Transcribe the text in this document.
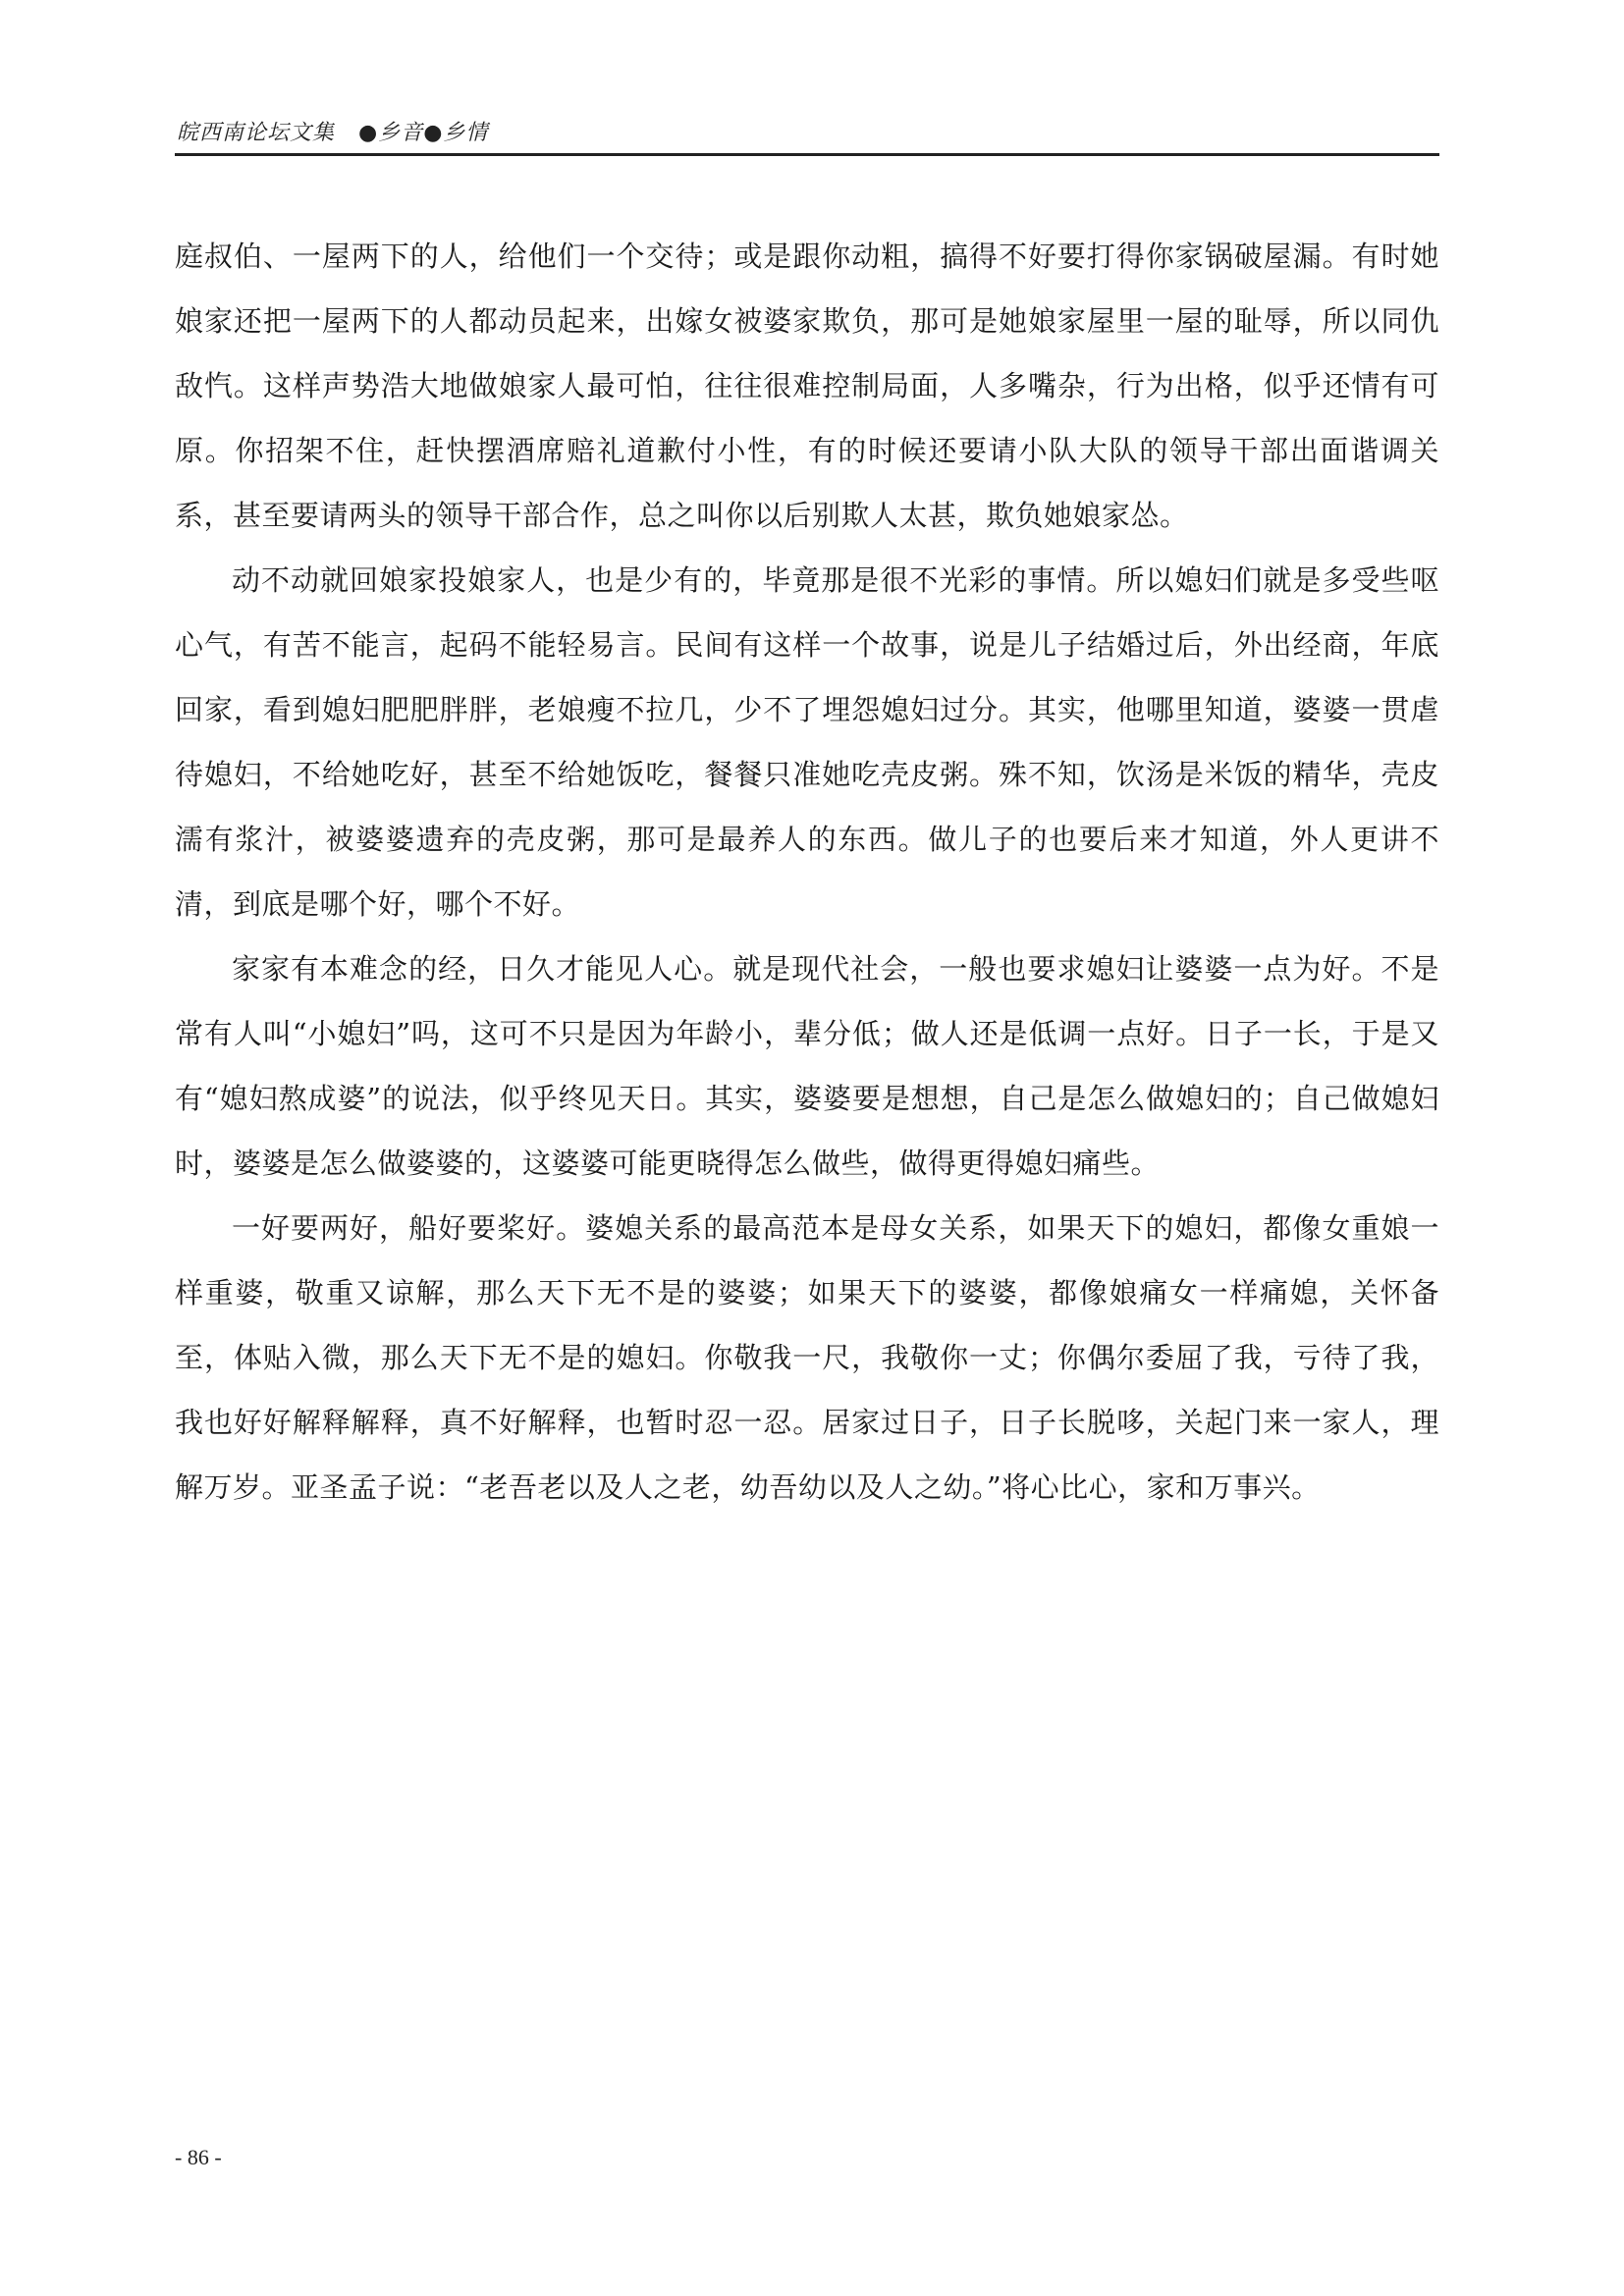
皖西南论坛文集 ●乡音●乡情

庭叔伯、一屋两下的人，给他们一个交待；或是跟你动粗，搞得不好要打得你家锅破屋漏。有时她娘家还把一屋两下的人都动员起来，出嫁女被婆家欺负，那可是她娘家屋里一屋的耻辱，所以同仇敌忾。这样声势浩大地做娘家人最可怕，往往很难控制局面，人多嘴杂，行为出格，似乎还情有可原。你招架不住，赶快摆酒席赔礼道歉付小性，有的时候还要请小队大队的领导干部出面谐调关系，甚至要请两头的领导干部合作，总之叫你以后别欺人太甚，欺负她娘家怂。

动不动就回娘家投娘家人，也是少有的，毕竟那是很不光彩的事情。所以媳妇们就是多受些呕心气，有苦不能言，起码不能轻易言。民间有这样一个故事，说是儿子结婚过后，外出经商，年底回家，看到媳妇肥肥胖胖，老娘瘦不拉几，少不了埋怨媳妇过分。其实，他哪里知道，婆婆一贯虐待媳妇，不给她吃好，甚至不给她饭吃，餐餐只准她吃壳皮粥。殊不知，饮汤是米饭的精华，壳皮濡有浆汁，被婆婆遗弃的壳皮粥，那可是最养人的东西。做儿子的也要后来才知道，外人更讲不清，到底是哪个好，哪个不好。

家家有本难念的经，日久才能见人心。就是现代社会，一般也要求媳妇让婆婆一点为好。不是常有人叫“小媳妇”吗，这可不只是因为年龄小，辈分低；做人还是低调一点好。日子一长，于是又有“媳妇熬成婆”的说法，似乎终见天日。其实，婆婆要是想想，自己是怎么做媳妇的；自己做媳妇时，婆婆是怎么做婆婆的，这婆婆可能更晓得怎么做些，做得更得媳妇痛些。

一好要两好，船好要桨好。婆媳关系的最高范本是母女关系，如果天下的媳妇，都像女重娘一样重婆，敬重又谅解，那么天下无不是的婆婆；如果天下的婆婆，都像娘痛女一样痛媳，关怀备至，体贴入微，那么天下无不是的媳妇。你敬我一尺，我敬你一丈；你偶尔委屈了我，亏待了我，我也好好解释解释，真不好解释，也暂时忍一忍。居家过日子，日子长脱哆，关起门来一家人，理解万岁。亚圣孟子说：“老吾老以及人之老，幼吾幼以及人之幼。”将心比心，家和万事兴。

- 86 -
